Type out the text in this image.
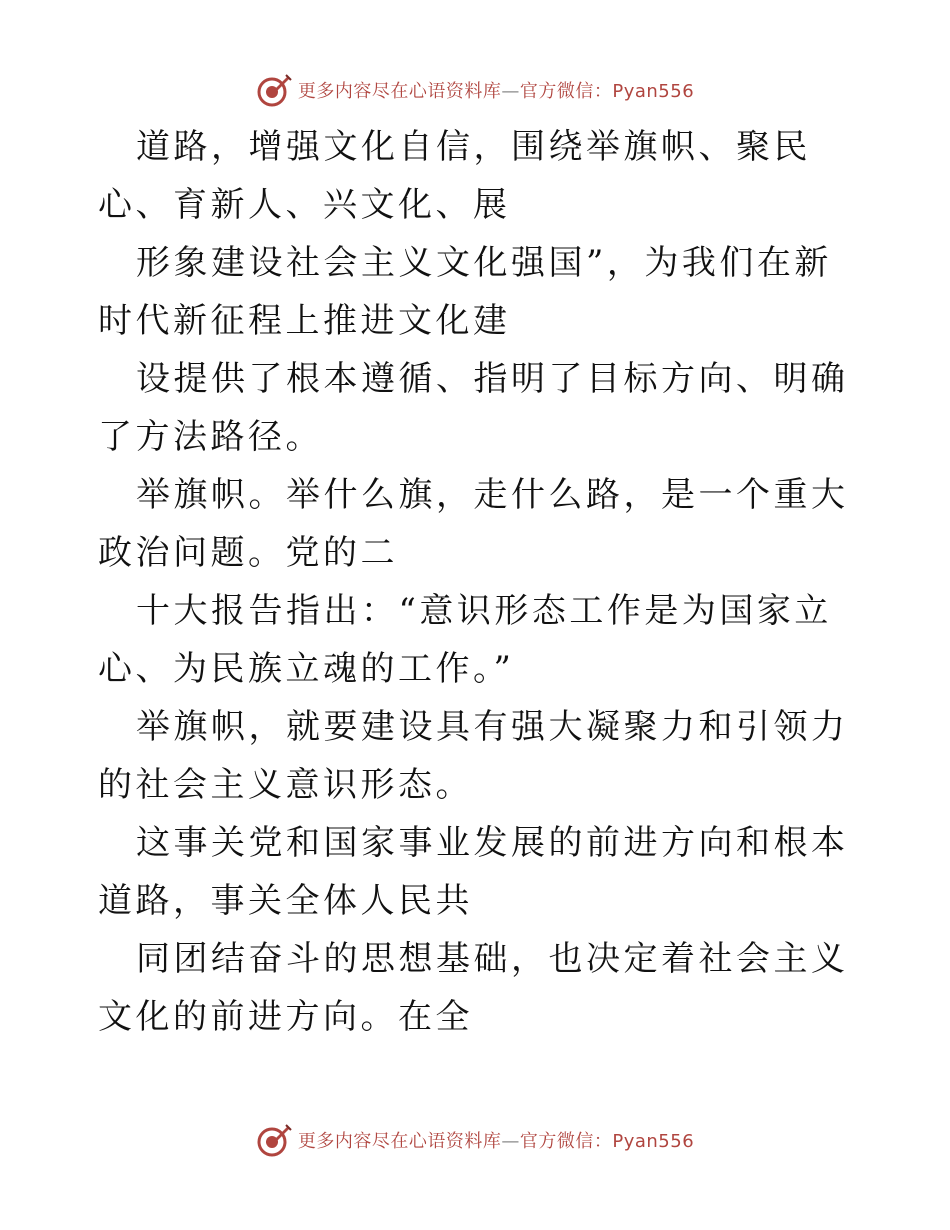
更多内容尽在心语资料库—官方微信：Pyan556

道路，增强文化自信，围绕举旗帜、聚民心、育新人、兴文化、展

形象建设社会主义文化强国”，为我们在新时代新征程上推进文化建

设提供了根本遵循、指明了目标方向、明确了方法路径。

举旗帜。举什么旗，走什么路，是一个重大政治问题。党的二

十大报告指出：“意识形态工作是为国家立心、为民族立魂的工作。”

举旗帜，就要建设具有强大凝聚力和引领力的社会主义意识形态。

这事关党和国家事业发展的前进方向和根本道路，事关全体人民共

同团结奋斗的思想基础，也决定着社会主义文化的前进方向。在全

更多内容尽在心语资料库—官方微信：Pyan556
